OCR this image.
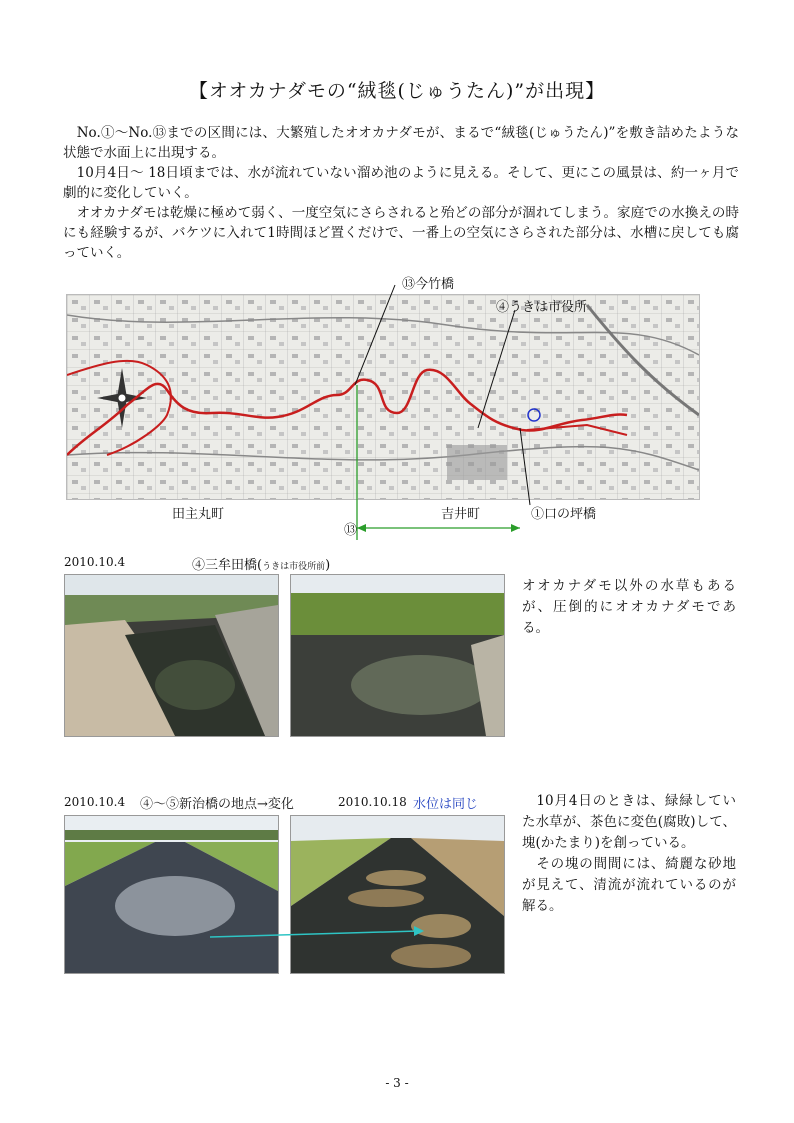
【オオカナダモの“絨毯(じゅうたん)”が出現】

　No.①～No.⑬までの区間には、大繁殖したオオカナダモが、まるで“絨毯(じゅうたん)”を敷き詰めたような状態で水面上に出現する。

　10月4日～ 18日頃までは、水が流れていない溜め池のように見える。そして、更にこの風景は、約一ヶ月で劇的に変化していく。

　オオカナダモは乾燥に極めて弱く、一度空気にさらされると殆どの部分が涸れてしまう。家庭での水換えの時にも経験するが、バケツに入れて1時間ほど置くだけで、一番上の空気にさらされた部分は、水槽に戻しても腐っていく。

⑬今竹橋
④うきは市役所
田主丸町	吉井町	①口の坪橋
⑬
2010.10.4	④三牟田橋(うきは市役所前)
オオカナダモ以外の水草もあるが、圧倒的にオオカナダモである。
2010.10.4 ④～⑤新治橋の地点→変化	2010.10.18 水位は同じ	　10月4日のときは、緑緑していた水草が、茶色に変色(腐敗)して、塊(かたまり)を創っている。

　その塊の間間には、綺麗な砂地が見えて、清流が流れているのが解る。

- 3 -
